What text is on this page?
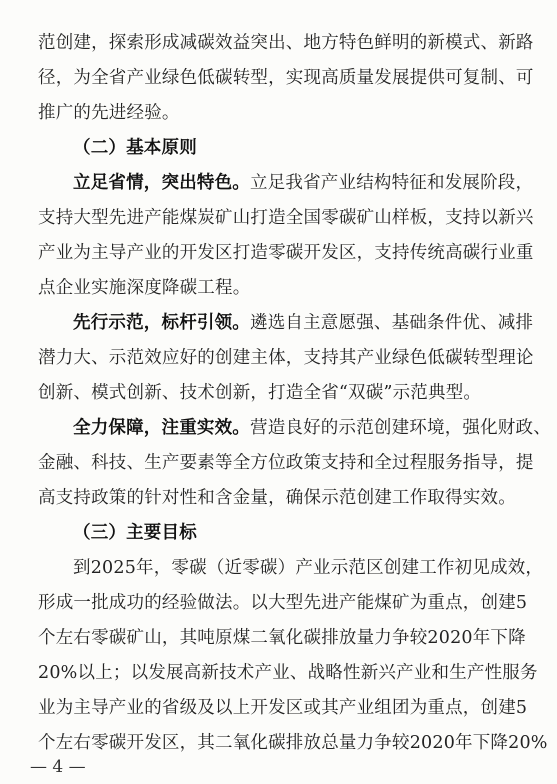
范创建，探索形成减碳效益突出、地方特色鲜明的新模式、新路
径，为全省产业绿色低碳转型，实现高质量发展提供可复制、可
推广的先进经验。
（二）基本原则
立足省情，突出特色。立足我省产业结构特征和发展阶段，
支持大型先进产能煤炭矿山打造全国零碳矿山样板，支持以新兴
产业为主导产业的开发区打造零碳开发区，支持传统高碳行业重
点企业实施深度降碳工程。
先行示范，标杆引领。遴选自主意愿强、基础条件优、减排
潜力大、示范效应好的创建主体，支持其产业绿色低碳转型理论
创新、模式创新、技术创新，打造全省“双碳”示范典型。
全力保障，注重实效。营造良好的示范创建环境，强化财政、
金融、科技、生产要素等全方位政策支持和全过程服务指导，提
高支持政策的针对性和含金量，确保示范创建工作取得实效。
（三）主要目标
到2025年，零碳（近零碳）产业示范区创建工作初见成效，
形成一批成功的经验做法。以大型先进产能煤矿为重点，创建5
个左右零碳矿山，其吨原煤二氧化碳排放量力争较2020年下降
20%以上；以发展高新技术产业、战略性新兴产业和生产性服务
业为主导产业的省级及以上开发区或其产业组团为重点，创建5
个左右零碳开发区，其二氧化碳排放总量力争较2020年下降20%
— 4 —
